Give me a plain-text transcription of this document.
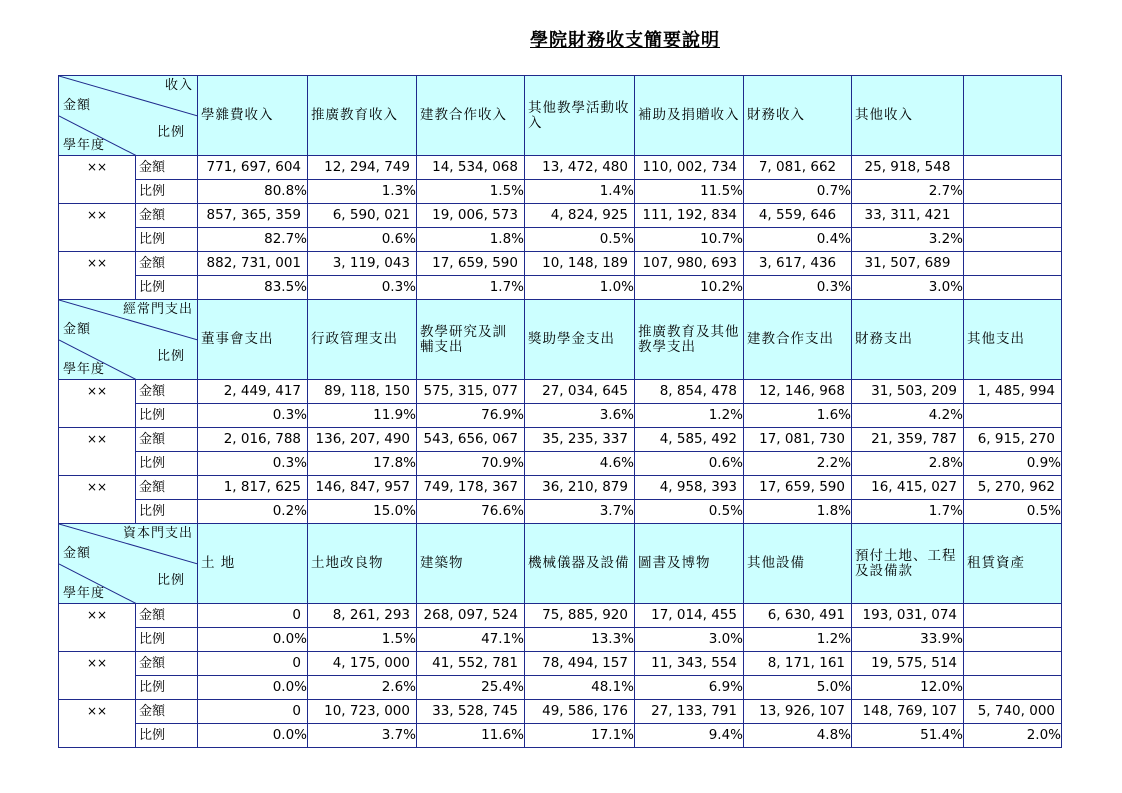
學院財務收支簡要說明
收入
金額
比例
學年度		學雜費收入	推廣教育收入	建教合作收入	其他教學活動收入	補助及捐贈收入	財務收入	其他收入	
××	金額	771, 697, 604	12, 294, 749	14, 534, 068	13, 472, 480	110, 002, 734	7, 081, 662	25, 918, 548	
	比例	80.8%	1.3%	1.5%	1.4%	11.5%	0.7%	2.7%	
××	金額	857, 365, 359	6, 590, 021	19, 006, 573	4, 824, 925	111, 192, 834	4, 559, 646	33, 311, 421	
	比例	82.7%	0.6%	1.8%	0.5%	10.7%	0.4%	3.2%	
××	金額	882, 731, 001	3, 119, 043	17, 659, 590	10, 148, 189	107, 980, 693	3, 617, 436	31, 507, 689	
	比例	83.5%	0.3%	1.7%	1.0%	10.2%	0.3%	3.0%	

經常門支出
金額
比例
學年度		董事會支出	行政管理支出	教學研究及訓輔支出	獎助學金支出	推廣教育及其他教學支出	建教合作支出	財務支出	其他支出
××	金額	2, 449, 417	89, 118, 150	575, 315, 077	27, 034, 645	8, 854, 478	12, 146, 968	31, 503, 209	1, 485, 994
	比例	0.3%	11.9%	76.9%	3.6%	1.2%	1.6%	4.2%	
××	金額	2, 016, 788	136, 207, 490	543, 656, 067	35, 235, 337	4, 585, 492	17, 081, 730	21, 359, 787	6, 915, 270
	比例	0.3%	17.8%	70.9%	4.6%	0.6%	2.2%	2.8%	0.9%
××	金額	1, 817, 625	146, 847, 957	749, 178, 367	36, 210, 879	4, 958, 393	17, 659, 590	16, 415, 027	5, 270, 962
	比例	0.2%	15.0%	76.6%	3.7%	0.5%	1.8%	1.7%	0.5%

資本門支出
金額
比例
學年度		土 地	土地改良物	建築物	機械儀器及設備	圖書及博物	其他設備	預付土地、工程及設備款	租賃資產
××	金額	0	8, 261, 293	268, 097, 524	75, 885, 920	17, 014, 455	6, 630, 491	193, 031, 074	
	比例	0.0%	1.5%	47.1%	13.3%	3.0%	1.2%	33.9%	
××	金額	0	4, 175, 000	41, 552, 781	78, 494, 157	11, 343, 554	8, 171, 161	19, 575, 514	
	比例	0.0%	2.6%	25.4%	48.1%	6.9%	5.0%	12.0%	
××	金額	0	10, 723, 000	33, 528, 745	49, 586, 176	27, 133, 791	13, 926, 107	148, 769, 107	5, 740, 000
	比例	0.0%	3.7%	11.6%	17.1%	9.4%	4.8%	51.4%	2.0%
